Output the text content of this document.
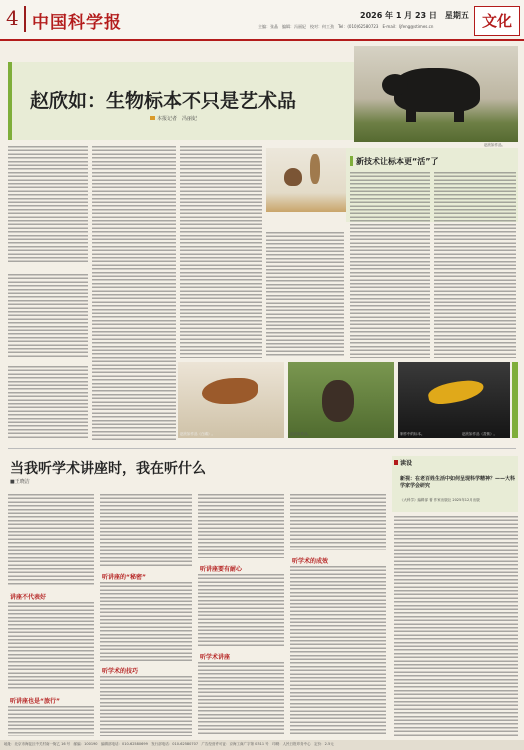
4 中国科学报	2026 年 1 月 23 日　星期五
主编：张晶　编辑：冯丽妃　校对：何工劲　Tel：(010)62580723　E-mail：ljfeng@stimes.cn	文化
赵欣如：生物标本不只是艺术品
本报记者　冯丽妃
赵欣如作品。
新技术让标本更“活”了
赵欣如作品《白鹇》。	赵欣如作品。	制作中的标本。	赵欣如作品《香蕉》。
当我听学术讲座时，我在听什么
■王晓洁
讲座不代表好
听讲座也是“旅行”
听讲座的“秘密”
听学术的技巧
听讲座要有耐心
听学术讲座
听学术的成效
读设
新视：在老百姓生活中如何呈现科学精神？——大科学家学会研究
《大科学》编辑部 著 作家出版社 2025年12月出版
地址：北京市海淀区中关村南一街乙 16 号　邮编：100190　编辑部电话：010-62580699　发行部电话：010-62580707　广告经营许可证：京海工商广字第 0311 号　印刷：人民日报印务中心　定价：2.5元
